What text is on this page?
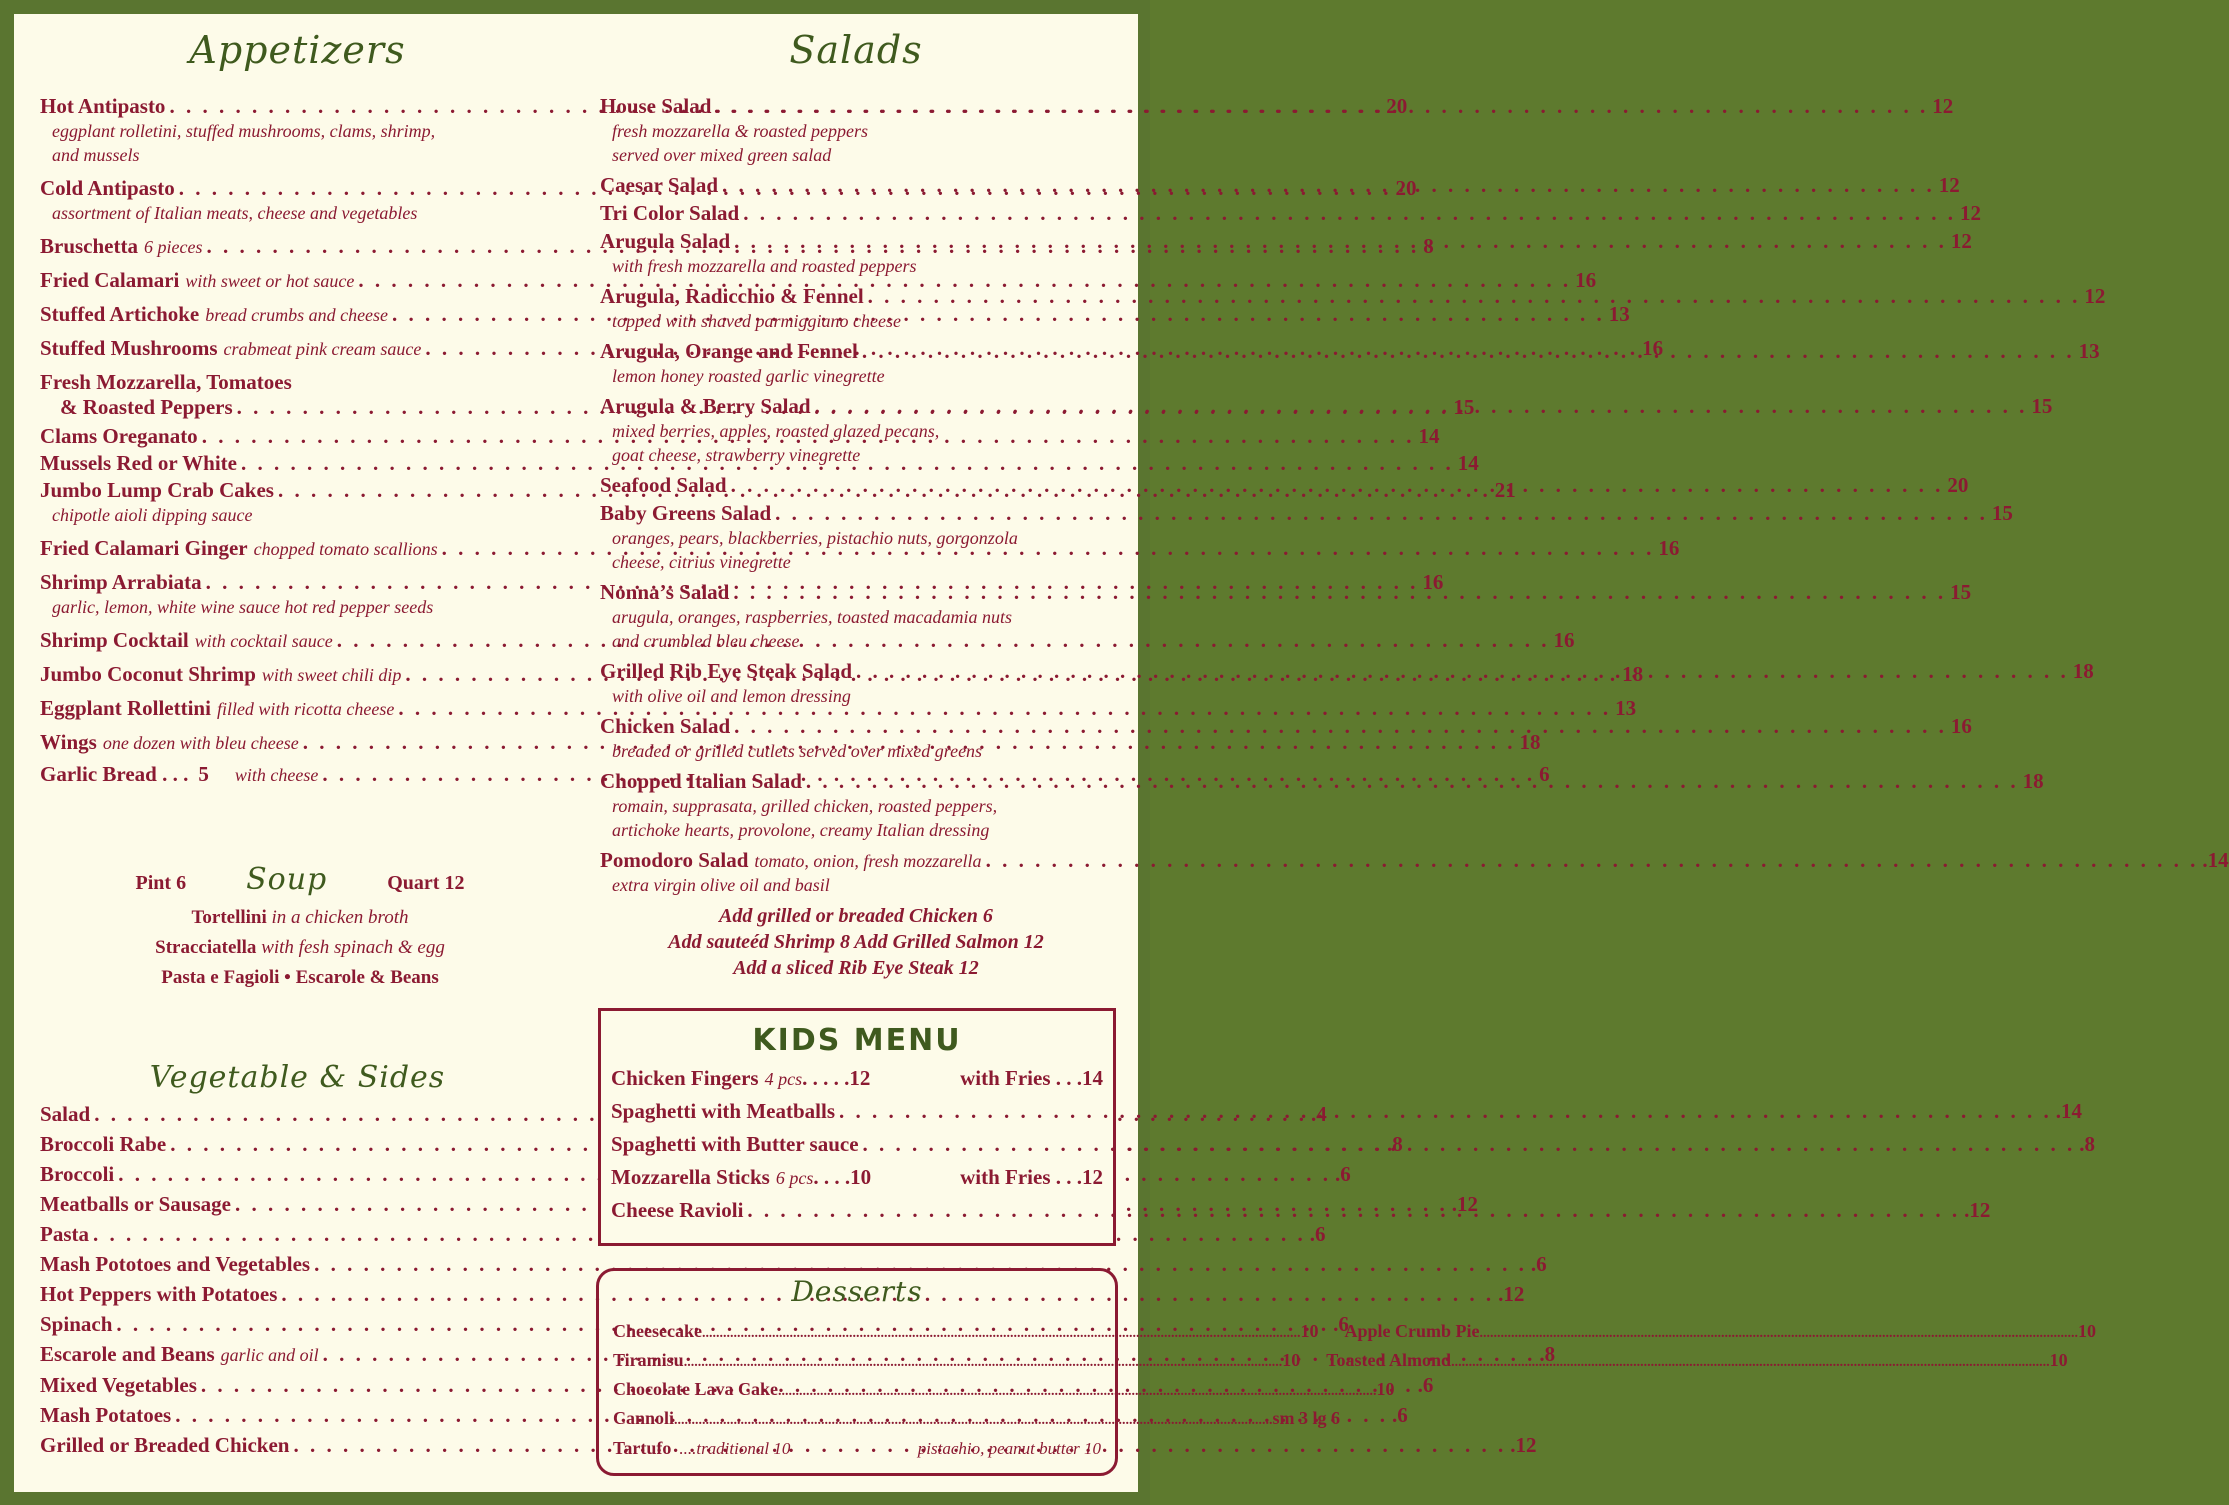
Appetizers
Hot Antipasto . . .	20
eggplant rolletini, stuffed mushrooms, clams, shrimp,
and mussels
Cold Antipasto . . .	20
assortment of Italian meats, cheese and vegetables
Bruschetta 6 pieces . . .	8
Fried Calamari with sweet or hot sauce . . .	16
Stuffed Artichoke bread crumbs and cheese . . .	13
Stuffed Mushrooms crabmeat pink cream sauce . . .	16
Fresh Mozzarella, Tomatoes
& Roasted Peppers . . .	15
Clams Oreganato . . .	14
Mussels Red or White . . .	14
Jumbo Lump Crab Cakes . . .	21
chipotle aioli dipping sauce
Fried Calamari Ginger chopped tomato scallions . . .	16
Shrimp Arrabiata . . .	16
garlic, lemon, white wine sauce hot red pepper seeds
Shrimp Cocktail with cocktail sauce . . .	16
Jumbo Coconut Shrimp with sweet chili dip . . .	18
Eggplant Rollettini filled with ricotta cheese . . .	13
Wings one dozen with bleu cheese . . .	18
Garlic Bread . . . 5 with cheese . . .	6
Pint 6 Soup	Quart 12
Tortellini in a chicken broth
Stracciatella with fesh spinach & egg
Pasta e Fagioli • Escarole & Beans
Vegetable & Sides
Salad . . .	.4
Broccoli Rabe . . .	.8
Broccoli . . .	.6
Meatballs or Sausage . . .	.12
Pasta . . .	.6
Mash Pototoes and Vegetables . . .	.6
Hot Peppers with Potatoes . . .	.12
Spinach . . .	.6
Escarole and Beans garlic and oil . . .	.8
Mixed Vegetables . . .	.6
Mash Potatoes . . .	.6
Grilled or Breaded Chicken . . .	.12
Salads
House Salad . . .	12
fresh mozzarella & roasted peppers
served over mixed green salad
Caesar Salad . . .	12
Tri Color Salad . . .	12
Arugula Salad . . .	12
with fresh mozzarella and roasted peppers
Arugula, Radicchio & Fennel . . .	12
topped with shaved parmiggiano cheese
Arugula, Orange and Fennel . . .	13
lemon honey roasted garlic vinegrette
Arugula & Berry Salad . . .	15
mixed berries, apples, roasted glazed pecans,
goat cheese, strawberry vinegrette
Seafood Salad . . .	20
Baby Greens Salad . . .	15
oranges, pears, blackberries, pistachio nuts, gorgonzola
cheese, citrius vinegrette
Nonna’s Salad . . .	15
arugula, oranges, raspberries, toasted macadamia nuts
and crumbled bleu cheese
Grilled Rib Eye Steak Salad . . .	18
with olive oil and lemon dressing
Chicken Salad . . .	16
breaded or grilled cutlets served over mixed greens
Chopped Italian Salad . . .	18
romain, supprasata, grilled chicken, roasted peppers,
artichoke hearts, provolone, creamy Italian dressing
Pomodoro Salad tomato, onion, fresh mozzarella . . .	.14
extra virgin olive oil and basil
Add grilled or breaded Chicken 6
Add sauteéd Shrimp 8 Add Grilled Salmon 12
Add a sliced Rib Eye Steak 12
KIDS MENU
Chicken Fingers 4 pcs . . . . .12	with Fries . . .14
Spaghetti with Meatballs . . .	.14
Spaghetti with Butter sauce . . .	.8
Mozzarella Sticks 6 pcs . . . .10	with Fries . . .12
Cheese Ravioli . . .	.12
Desserts
Cheesecake .....	10 Apple Crumb Pie .....	10
Tiramisu .....	10 Toasted Almond .....	10
Chocolate Lava Cake .....	10
Cannoli .....	sm 3 lg 6
Tartufo ....traditional 10	pistachio, peanut butter 10
